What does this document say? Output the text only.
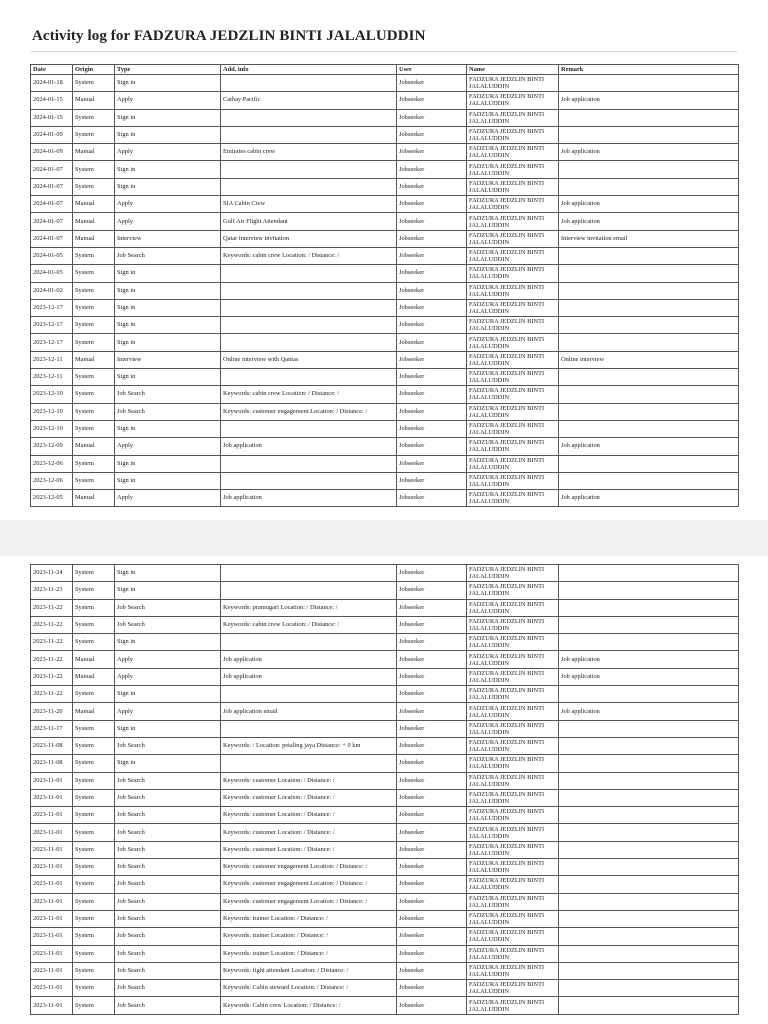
Activity log for FADZURA JEDZLIN BINTI JALALUDDIN
Date	Origin	Type	Add. info	User	Name	Remark
2024-01-18	System	Sign in		Jobseeker	FADZURA JEDZLIN BINTI
JALALUDDIN	

2024-01-15	Manual	Apply	Cathay Pacific	Jobseeker	FADZURA JEDZLIN BINTI
JALALUDDIN	Job application
2024-01-15	System	Sign in		Jobseeker	FADZURA JEDZLIN BINTI
JALALUDDIN	

2024-01-09	System	Sign in		Jobseeker	FADZURA JEDZLIN BINTI
JALALUDDIN	

2024-01-09	Manual	Apply	Emirates cabin crew	Jobseeker	FADZURA JEDZLIN BINTI
JALALUDDIN	Job application
2024-01-07	System	Sign in		Jobseeker	FADZURA JEDZLIN BINTI
JALALUDDIN	

2024-01-07	System	Sign in		Jobseeker	FADZURA JEDZLIN BINTI
JALALUDDIN	

2024-01-07	Manual	Apply	SIA Cabin Crew	Jobseeker	FADZURA JEDZLIN BINTI
JALALUDDIN	Job application
2024-01-07	Manual	Apply	Gulf Air Flight Attendant	Jobseeker	FADZURA JEDZLIN BINTI
JALALUDDIN	Job application
2024-01-07	Manual	Interview	Qatar interview invitation	Jobseeker	FADZURA JEDZLIN BINTI
JALALUDDIN	Interview invitation email
2024-01-05	System	Job Search	Keywords: cabin crew Location: / Distance: /	Jobseeker	FADZURA JEDZLIN BINTI
JALALUDDIN	

2024-01-05	System	Sign in		Jobseeker	FADZURA JEDZLIN BINTI
JALALUDDIN	

2024-01-02	System	Sign in		Jobseeker	FADZURA JEDZLIN BINTI
JALALUDDIN	

2023-12-17	System	Sign in		Jobseeker	FADZURA JEDZLIN BINTI
JALALUDDIN	

2023-12-17	System	Sign in		Jobseeker	FADZURA JEDZLIN BINTI
JALALUDDIN	

2023-12-17	System	Sign in		Jobseeker	FADZURA JEDZLIN BINTI
JALALUDDIN	

2023-12-11	Manual	Interview	Online interview with Qantas	Jobseeker	FADZURA JEDZLIN BINTI
JALALUDDIN	Online interview
2023-12-11	System	Sign in		Jobseeker	FADZURA JEDZLIN BINTI
JALALUDDIN	

2023-12-10	System	Job Search	Keywords: cabin crew Location: / Distance: /	Jobseeker	FADZURA JEDZLIN BINTI
JALALUDDIN	

2023-12-10	System	Job Search	Keywords: customer engagement Location: / Distance: /	Jobseeker	FADZURA JEDZLIN BINTI
JALALUDDIN	

2023-12-10	System	Sign in		Jobseeker	FADZURA JEDZLIN BINTI
JALALUDDIN	

2023-12-09	Manual	Apply	Job application	Jobseeker	FADZURA JEDZLIN BINTI
JALALUDDIN	Job application
2023-12-06	System	Sign in		Jobseeker	FADZURA JEDZLIN BINTI
JALALUDDIN	

2023-12-06	System	Sign in		Jobseeker	FADZURA JEDZLIN BINTI
JALALUDDIN	

2023-12-05	Manual	Apply	Job application	Jobseeker	FADZURA JEDZLIN BINTI
JALALUDDIN	Job application
2023-11-24	System	Sign in		Jobseeker	FADZURA JEDZLIN BINTI
JALALUDDIN	

2023-11-23	System	Sign in		Jobseeker	FADZURA JEDZLIN BINTI
JALALUDDIN	

2023-11-22	System	Job Search	Keywords: pramugari Location: / Distance: /	Jobseeker	FADZURA JEDZLIN BINTI
JALALUDDIN	

2023-11-22	System	Job Search	Keywords: cabin crew Location: / Distance: /	Jobseeker	FADZURA JEDZLIN BINTI
JALALUDDIN	

2023-11-22	System	Sign in		Jobseeker	FADZURA JEDZLIN BINTI
JALALUDDIN	

2023-11-22	Manual	Apply	Job application	Jobseeker	FADZURA JEDZLIN BINTI
JALALUDDIN	Job application
2023-11-22	Manual	Apply	Job application	Jobseeker	FADZURA JEDZLIN BINTI
JALALUDDIN	Job application
2023-11-22	System	Sign in		Jobseeker	FADZURA JEDZLIN BINTI
JALALUDDIN	

2023-11-20	Manual	Apply	Job application email	Jobseeker	FADZURA JEDZLIN BINTI
JALALUDDIN	Job application
2023-11-17	System	Sign in		Jobseeker	FADZURA JEDZLIN BINTI
JALALUDDIN	

2023-11-08	System	Job Search	Keywords: / Location: petaling jaya Distance: + 0 km	Jobseeker	FADZURA JEDZLIN BINTI
JALALUDDIN	

2023-11-08	System	Sign in		Jobseeker	FADZURA JEDZLIN BINTI
JALALUDDIN	

2023-11-01	System	Job Search	Keywords: customer Location: / Distance: /	Jobseeker	FADZURA JEDZLIN BINTI
JALALUDDIN	

2023-11-01	System	Job Search	Keywords: customer Location: / Distance: /	Jobseeker	FADZURA JEDZLIN BINTI
JALALUDDIN	

2023-11-01	System	Job Search	Keywords: customer Location: / Distance: /	Jobseeker	FADZURA JEDZLIN BINTI
JALALUDDIN	

2023-11-01	System	Job Search	Keywords: customer Location: / Distance: /	Jobseeker	FADZURA JEDZLIN BINTI
JALALUDDIN	

2023-11-01	System	Job Search	Keywords: customer Location: / Distance: /	Jobseeker	FADZURA JEDZLIN BINTI
JALALUDDIN	

2023-11-01	System	Job Search	Keywords: customer engagement Location: / Distance: /	Jobseeker	FADZURA JEDZLIN BINTI
JALALUDDIN	

2023-11-01	System	Job Search	Keywords: customer engagement Location: / Distance: /	Jobseeker	FADZURA JEDZLIN BINTI
JALALUDDIN	

2023-11-01	System	Job Search	Keywords: customer engagement Location: / Distance: /	Jobseeker	FADZURA JEDZLIN BINTI
JALALUDDIN	

2023-11-01	System	Job Search	Keywords: trainer Location: / Distance: /	Jobseeker	FADZURA JEDZLIN BINTI
JALALUDDIN	

2023-11-01	System	Job Search	Keywords: trainer Location: / Distance: /	Jobseeker	FADZURA JEDZLIN BINTI
JALALUDDIN	

2023-11-01	System	Job Search	Keywords: trainer Location: / Distance: /	Jobseeker	FADZURA JEDZLIN BINTI
JALALUDDIN	

2023-11-01	System	Job Search	Keywords: fight attendant Location: / Distance: /	Jobseeker	FADZURA JEDZLIN BINTI
JALALUDDIN	

2023-11-01	System	Job Search	Keywords: Cabin steward Location: / Distance: /	Jobseeker	FADZURA JEDZLIN BINTI
JALALUDDIN	

2023-11-01	System	Job Search	Keywords: Cabin crew Location: / Distance: /	Jobseeker	FADZURA JEDZLIN BINTI
JALALUDDIN	
